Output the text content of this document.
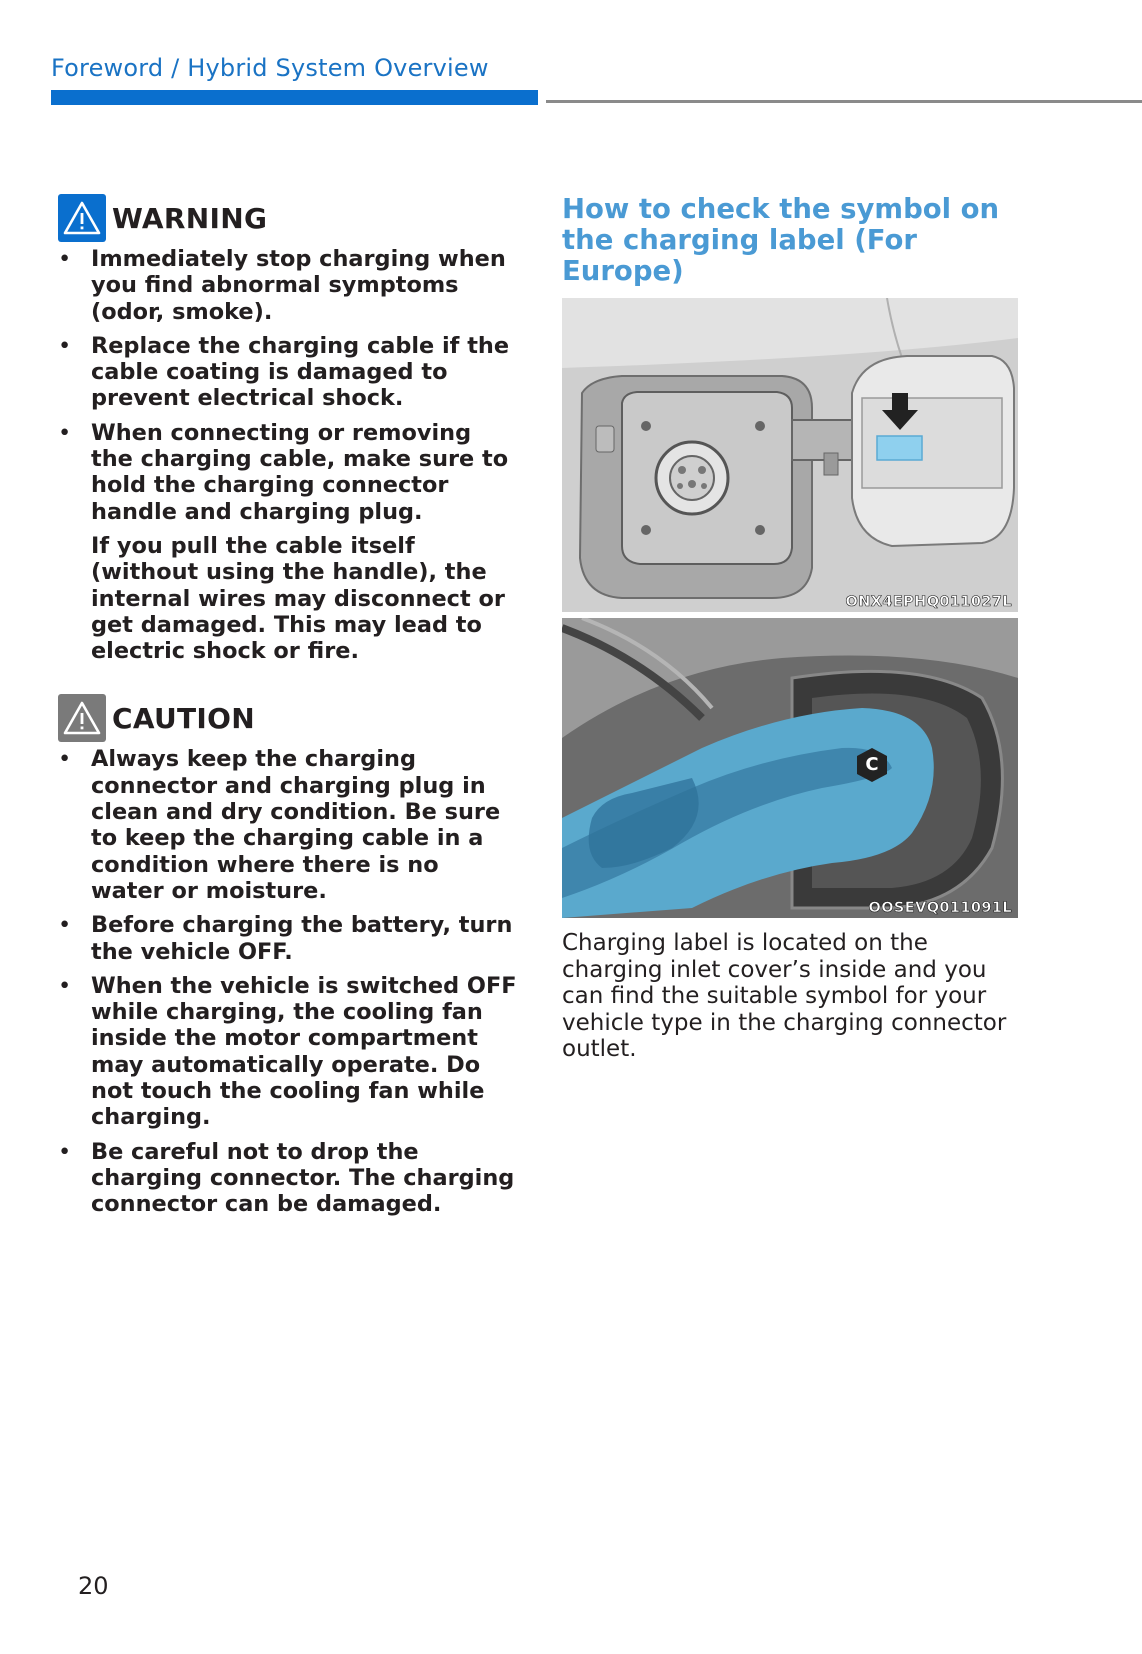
Foreword / Hybrid System Overview
WARNING
• Immediately stop charging when you find abnormal symptoms (odor, smoke).
• Replace the charging cable if the cable coating is damaged to prevent electrical shock.
• When connecting or removing the charging cable, make sure to hold the charging connector handle and charging plug.
If you pull the cable itself (without using the handle), the internal wires may disconnect or get damaged. This may lead to electric shock or fire.
CAUTION
• Always keep the charging connector and charging plug in clean and dry condition. Be sure to keep the charging cable in a condition where there is no water or moisture.
• Before charging the battery, turn the vehicle OFF.
• When the vehicle is switched OFF while charging, the cooling fan inside the motor compartment may automatically operate. Do not touch the cooling fan while charging.
• Be careful not to drop the charging connector. The charging connector can be damaged.
How to check the symbol on the charging label (For Europe)
ONX4EPHQ011027L
C
OOSEVQ011091L
Charging label is located on the charging inlet cover’s inside and you can find the suitable symbol for your vehicle type in the charging connector outlet.
20
